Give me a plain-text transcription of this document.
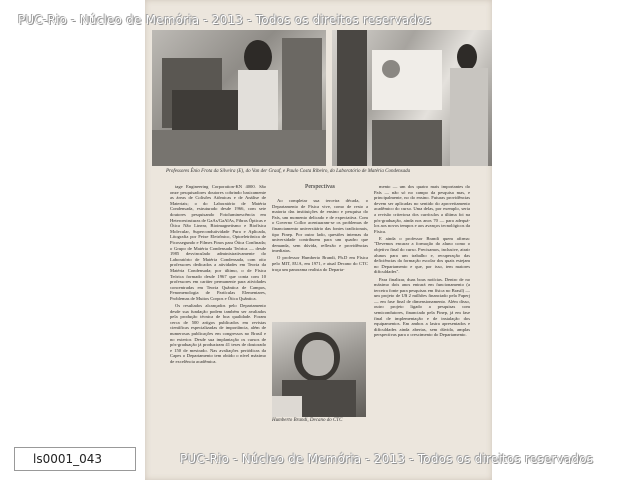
PUC-Rio - Núcleo de Memória - 2013 - Todos os direitos reservados
Professores Ênio Frota da Silveira (E), do Van der Graaf, e Paulo Costa Ribeiro, do Laboratório de Matéria Condensada
Perspectivas

tage Engineering Corporation-KN 4000. São onze pesquisadores doutores cobrindo basicamente as áreas de Colisões Atômicas e de Análise de Materiais; o do Laboratório de Matéria Condensada, estruturado desde 1966, com sete doutores pesquisando Fotoluminescência em Heteroestruturas de GaAs/GaAlAs, Fibras Ópticas e Ótica Não Linear, Bioimagnetismo e Biofísica Molecular, Supercondutividade Pura e Aplicada, Litografia por Feixe Eletrônico, Optoeletrônica de Picossegundo e Filmes Finos para Ótica Confinada; o Grupo de Matéria Condensada Teórica — desde 1985 desvinculado administrativamente do Laboratório de Matéria Condensada, com oito professores dedicados a atividades em Teoria da Matéria Condensada; por último, o de Física Teórica formado desde 1967 que conta com 10 professores em caráter permanente para atividades concentradas em Teoria Quântica de Campos, Fenomenologia de Partículas Elementares, Problemas de Muitos Corpos e Ótica Quântica.

Os resultados alcançados pelo Departamento desde sua fundação podem também ser avaliados pela produção técnica de boa qualidade. Foram cerca de 500 artigos publicados em revistas científicas especializadas de importância, além de numerosas publicações em congressos no Brasil e no exterior. Desde sua implantação os cursos de pós-graduação já produziram 41 teses de doutorado e 150 de mestrado. Nas avaliações periódicas da Capes o Departamento tem obtido o nível máximo de excelência acadêmica.

Ao completar sua terceira década, o Departamento de Física vive, como de resto a maioria das instituições de ensino e pesquisa do País, um momento delicado e de expectativa. Com o Governo Collor acentuaram-se os problemas de financiamento universitário das fontes tradicionais, tipo Finep. Por outro lado, questões internas da universidade contribuem para um quadro que demanda, sem dúvida, reflexão e providências imediatas.

O professor Humberto Brandi, Ph.D em Física pelo MIT, EUA, em 1971, e atual Decano do CTC traça um panorama realista do Departa-

Humberto Brandi, Decano do CTC

mento — um dos quatro mais importantes do País — não só no campo da pesquisa mas, e principalmente, no do ensino. Futuras providências devem ser aplicadas no sentido do aproveitamento acadêmico do curso. Uma delas, por exemplo, seria a revisão criteriosa dos currículos a última foi na pós-graduação, ainda nos anos 70 — para adequá-los aos novos tempos e aos avanços tecnológicos da Física.

E ainda o professor Brandi quem afirma: "Devemos encarar a formação do aluno como o objetivo final do curso. Precisamos, inclusive, atrair alunos para um trabalho e, recuperação das deficiências da formação escolar dos quais estejam no Departamento e que, por isso, tem maiores dificuldades".

Para finalizar, duas boas notícias. Dentro de no máximo dois anos entrará em funcionamento (a terceira fonte para pesquisas em física no Brasil) — um projeto de U$ 2 milhões financiado pela Faperj — em fase final de dimensionamento. Além disso, outro projeto ligado a pesquisas com semicondutores, financiado pela Finep, já em fase final de implementação e de instalação dos equipamentos. Em ambos a lastra apresentados e dificuldades ainda abertas, sem dúvida, amplas perspectivas para o crescimento do Departamento.

ls0001_043	PUC-Rio - Núcleo de Memória - 2013 - Todos os direitos reservados
